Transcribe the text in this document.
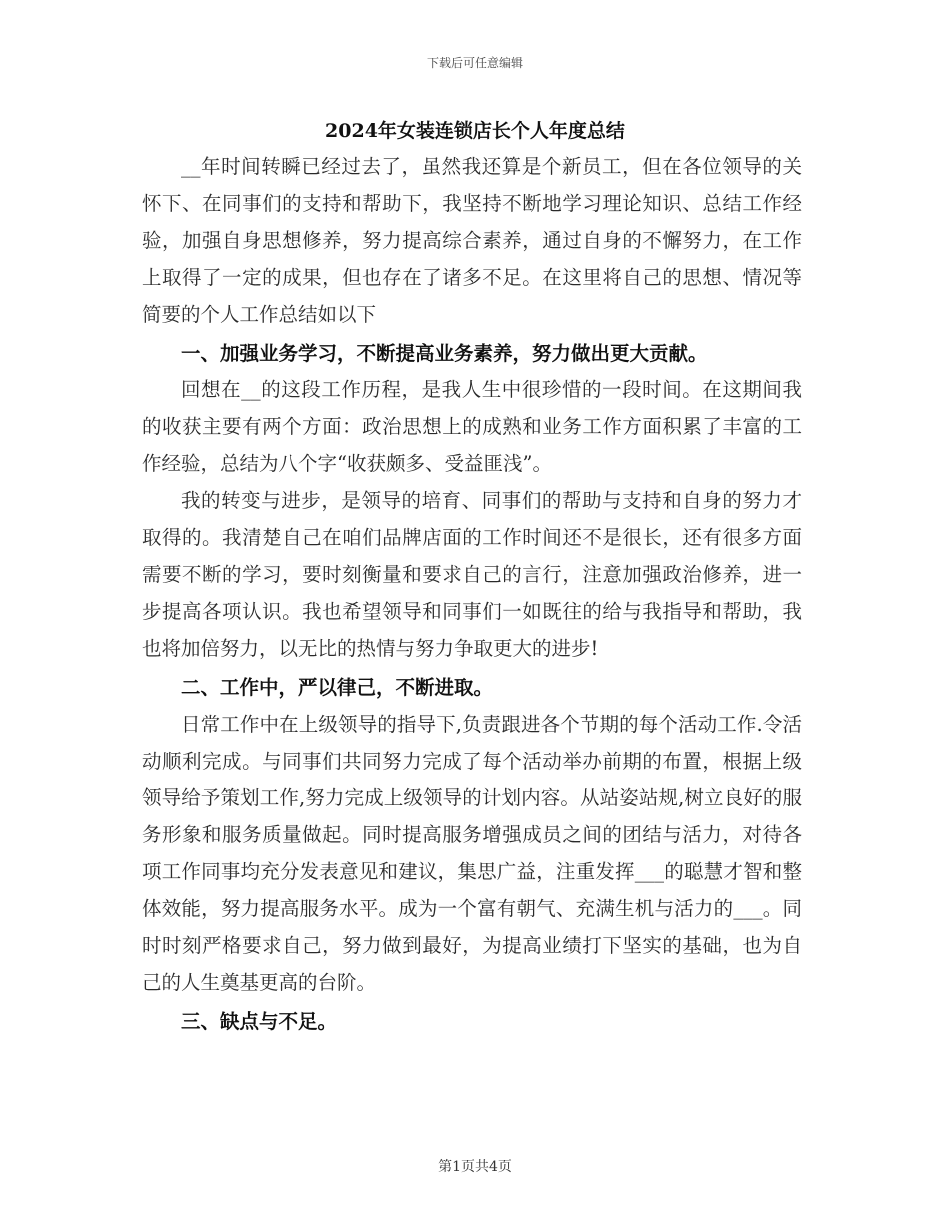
下载后可任意编辑
2024年女装连锁店长个人年度总结

__年时间转瞬已经过去了，虽然我还算是个新员工，但在各位领导的关怀下、在同事们的支持和帮助下，我坚持不断地学习理论知识、总结工作经验，加强自身思想修养，努力提高综合素养，通过自身的不懈努力，在工作上取得了一定的成果，但也存在了诸多不足。在这里将自己的思想、情况等简要的个人工作总结如以下

一、加强业务学习，不断提高业务素养，努力做出更大贡献。

回想在__的这段工作历程，是我人生中很珍惜的一段时间。在这期间我的收获主要有两个方面：政治思想上的成熟和业务工作方面积累了丰富的工作经验，总结为八个字“收获颇多、受益匪浅”。

我的转变与进步，是领导的培育、同事们的帮助与支持和自身的努力才取得的。我清楚自己在咱们品牌店面的工作时间还不是很长，还有很多方面需要不断的学习，要时刻衡量和要求自己的言行，注意加强政治修养，进一步提高各项认识。我也希望领导和同事们一如既往的给与我指导和帮助，我也将加倍努力，以无比的热情与努力争取更大的进步!

二、工作中，严以律己，不断进取。

日常工作中在上级领导的指导下,负责跟进各个节期的每个活动工作.令活动顺利完成。与同事们共同努力完成了每个活动举办前期的布置，根据上级领导给予策划工作,努力完成上级领导的计划内容。从站姿站规,树立良好的服务形象和服务质量做起。同时提高服务增强成员之间的团结与活力，对待各项工作同事均充分发表意见和建议，集思广益，注重发挥___的聪慧才智和整体效能，努力提高服务水平。成为一个富有朝气、充满生机与活力的___。同时时刻严格要求自己，努力做到最好，为提高业绩打下坚实的基础，也为自己的人生奠基更高的台阶。

三、缺点与不足。

第1页共4页
